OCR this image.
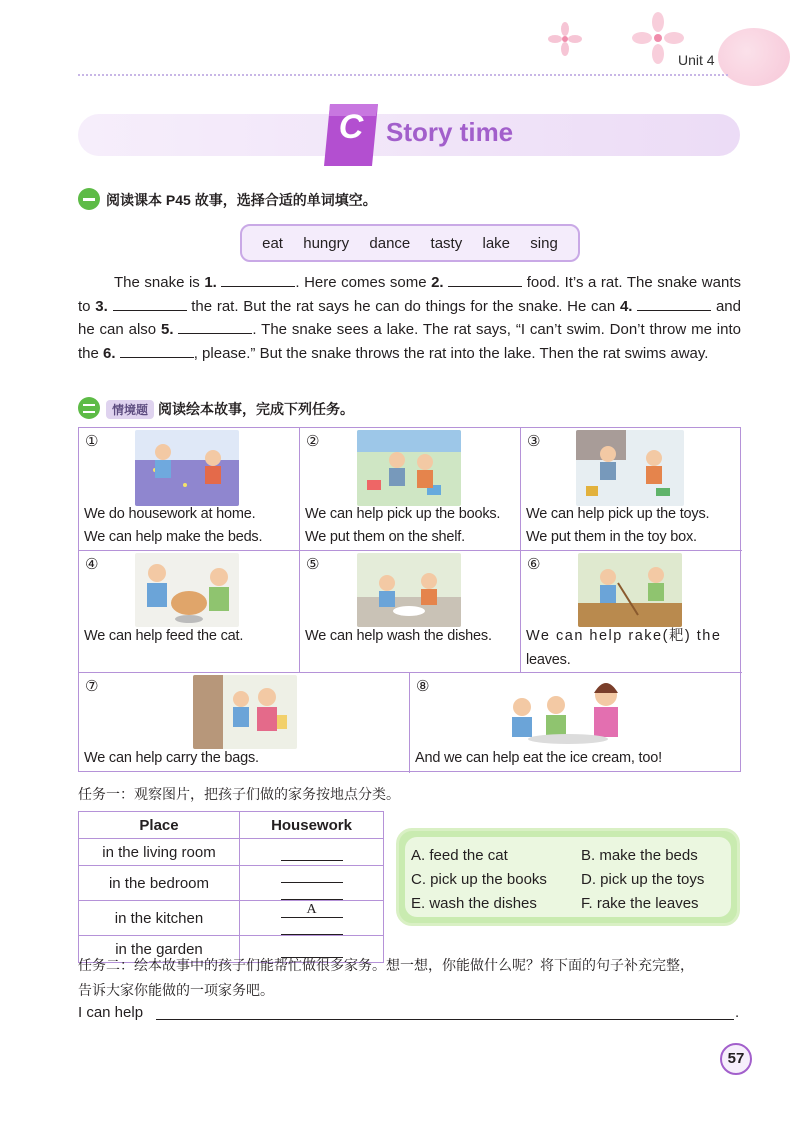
Unit 4
C Story time
阅读课本 P45 故事，选择合适的单词填空。
eat hungry dance tasty lake sing

The snake is 1.	. Here comes some 2.	food. It’s a rat. The snake wants to 3.	the rat. But the rat says he can do things for the snake. He can 4.	and he can also 5.	. The snake sees a lake. The rat says, “I can’t swim. Don’t throw me into the 6.	, please.” But the snake throws the rat into the lake. Then the rat swims away.

情境题 阅读绘本故事，完成下列任务。
①
We do housework at home.
We can help make the beds.
②
We can help pick up the books.
We put them on the shelf.
③
We can help pick up the toys.
We put them in the toy box.
④
We can help feed the cat.
⑤
We can help wash the dishes.
⑥
We can help rake(耙) the
leaves.
⑦
We can help carry the bags.
⑧
And we can help eat the ice cream, too!
任务一：观察图片，把孩子们做的家务按地点分类。
Place	Housework
in the living room	
in the bedroom	
in the kitchen	A
in the garden	
A. feed the cat	B. make the beds
C. pick up the books D. pick up the toys
E. wash the dishes	F. rake the leaves
任务二：绘本故事中的孩子们能帮忙做很多家务。想一想，你能做什么呢？将下面的句子补充完整，
告诉大家你能做的一项家务吧。
I can help	.
57
